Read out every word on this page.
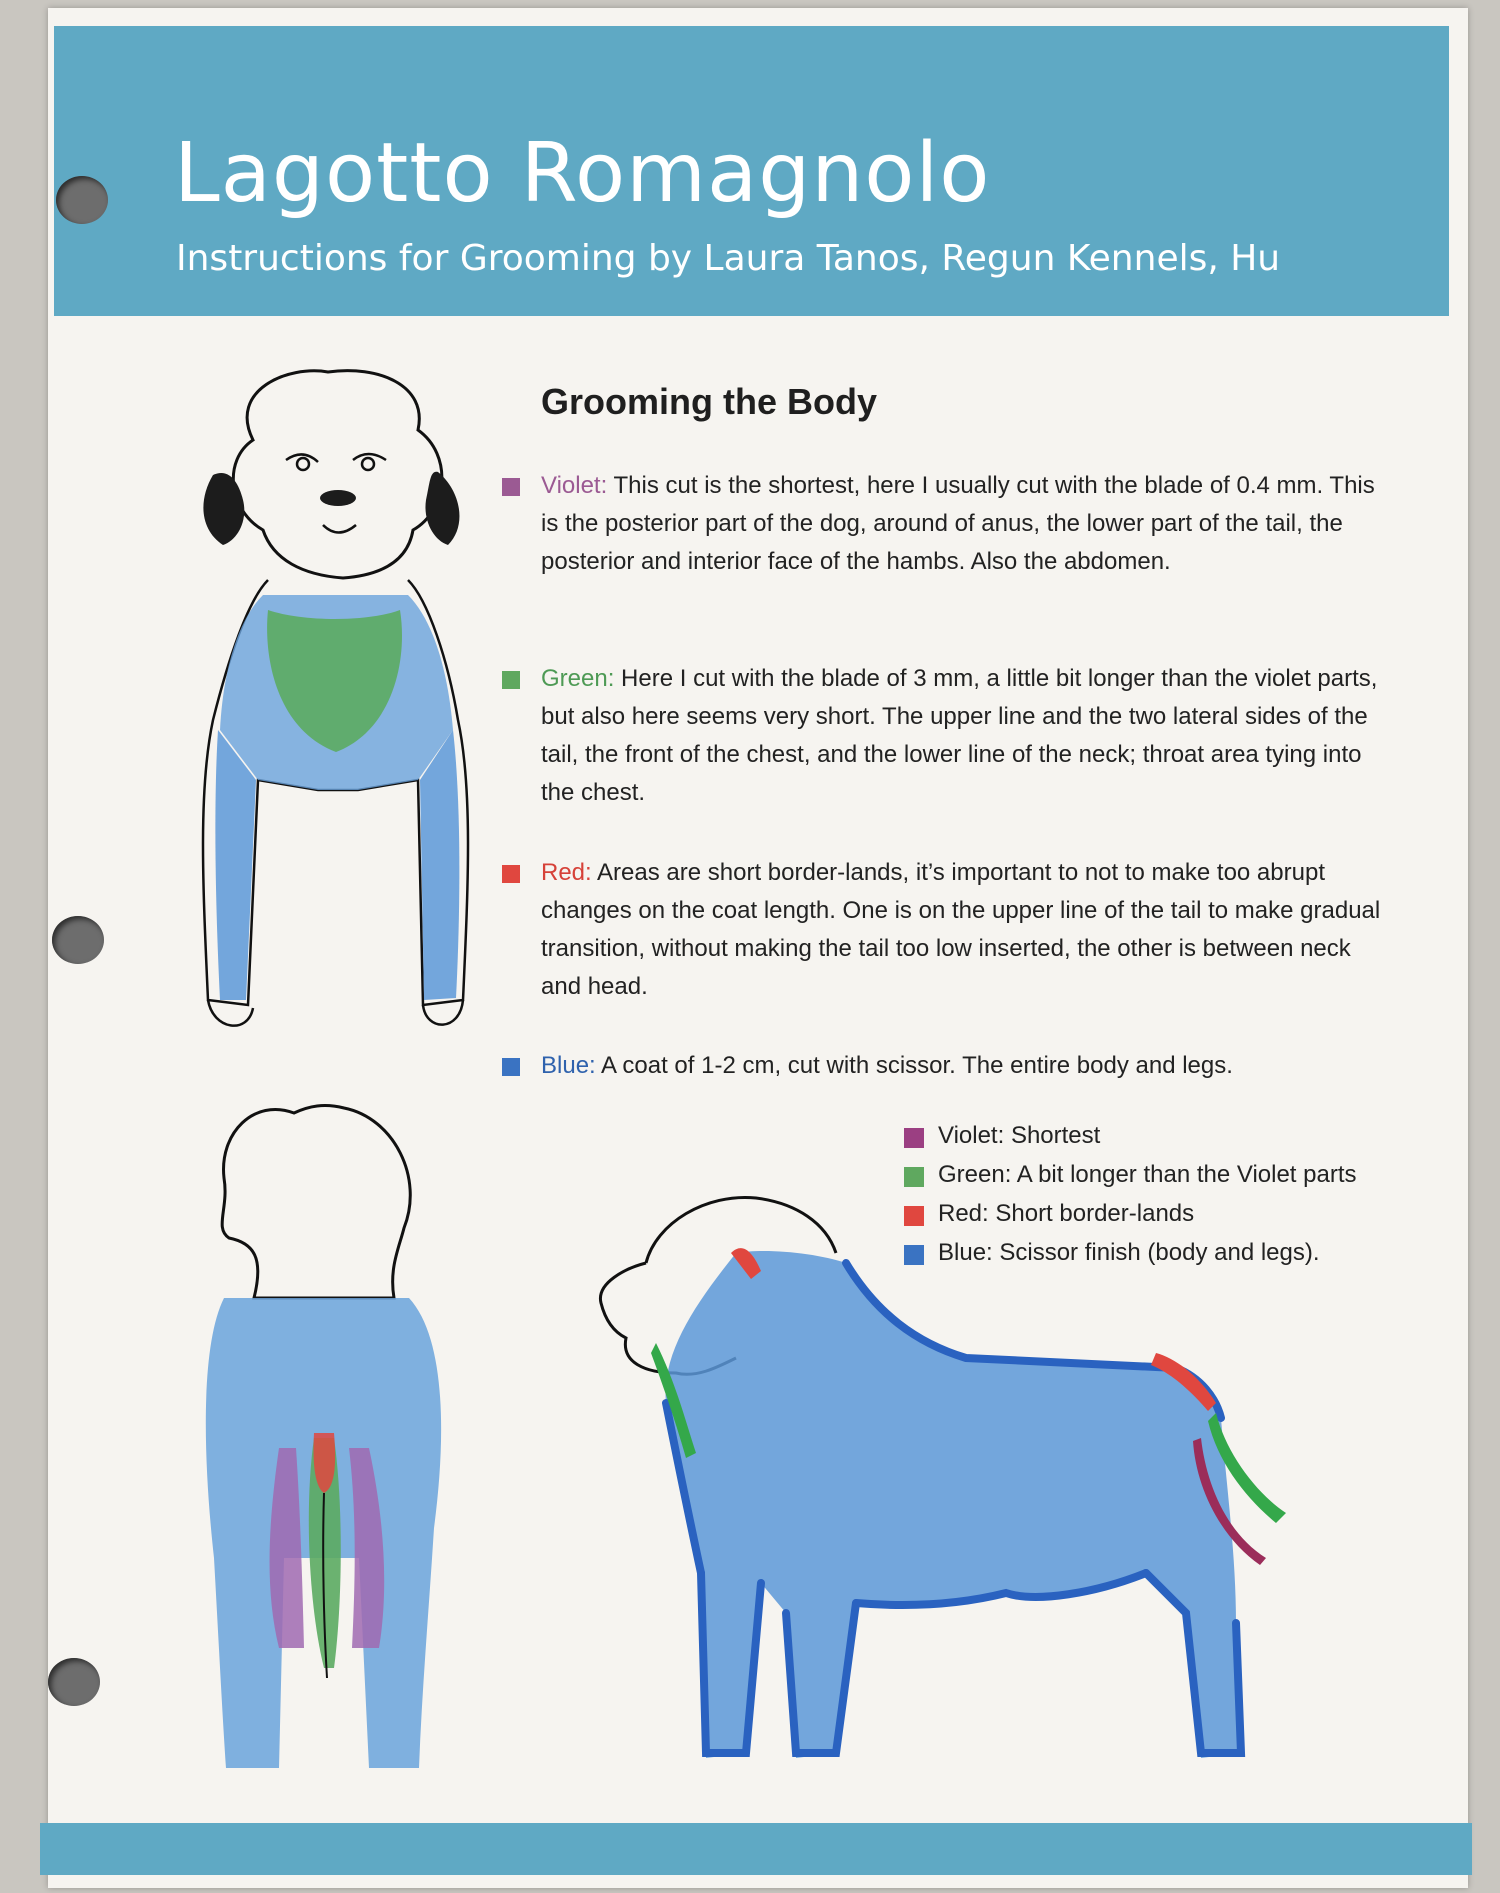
Lagotto Romagnolo
Instructions for Grooming by Laura Tanos, Regun Kennels, Hu
Grooming the Body
Violet: This cut is the shortest, here I usually cut with the blade of 0.4 mm. This is the posterior part of the dog, around of anus, the lower part of the tail, the posterior and interior face of the hambs. Also the abdomen.
Green: Here I cut with the blade of 3 mm, a little bit longer than the violet parts, but also here seems very short. The upper line and the two lateral sides of the tail, the front of the chest, and the lower line of the neck; throat area tying into the chest.
Red: Areas are short border-lands, it’s important to not to make too abrupt changes on the coat length. One is on the upper line of the tail to make gradual transition, without making the tail too low inserted, the other is between neck and head.
Blue: A coat of 1-2 cm, cut with scissor. The entire body and legs.
Violet: Shortest
Green: A bit longer than the Violet parts
Red: Short border-lands
Blue: Scissor finish (body and legs).
